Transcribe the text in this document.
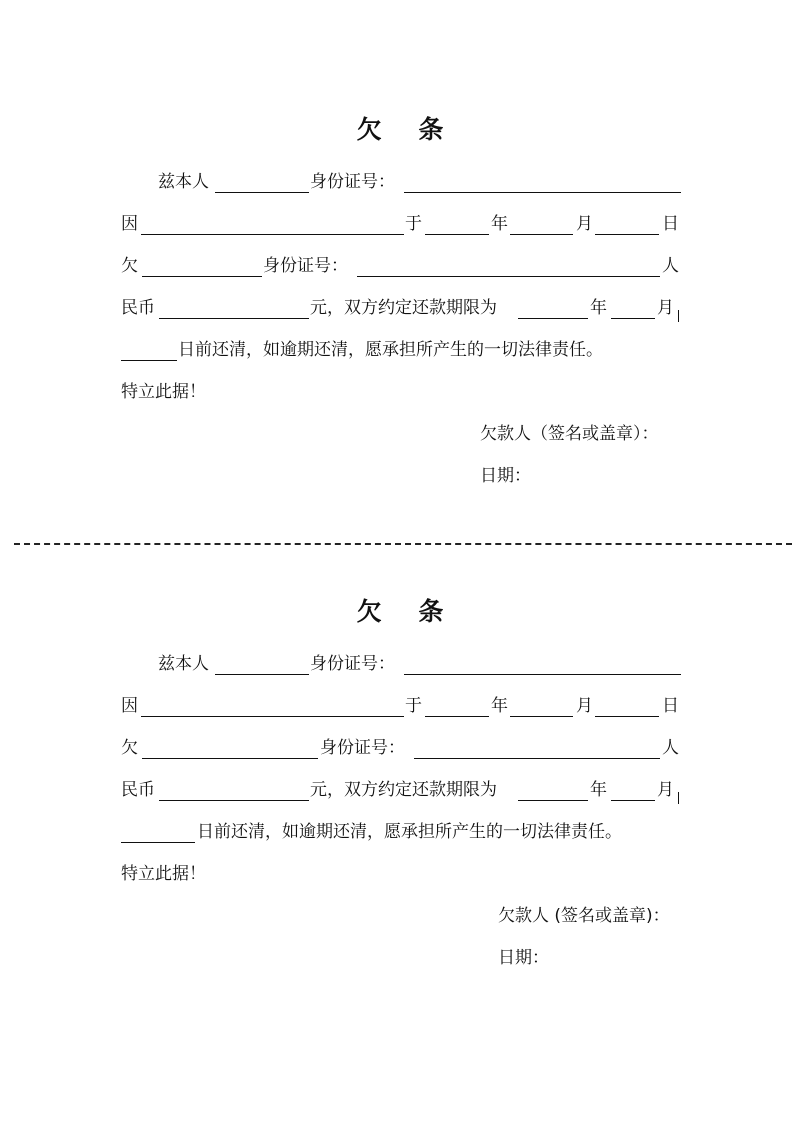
欠 条
兹本人	身份证号：
因	于	年	月	日
欠	身份证号：	人
民币	元，双方约定还款期限为	年	月
日前还清，如逾期还清，愿承担所产生的一切法律责任。
特立此据！
欠款人（签名或盖章）：
日期：
欠 条
兹本人	身份证号：
因	于	年	月	日
欠	身份证号：	人
民币	元，双方约定还款期限为	年	月
日前还清，如逾期还清，愿承担所产生的一切法律责任。
特立此据！
欠款人 (签名或盖章)：
日期：
